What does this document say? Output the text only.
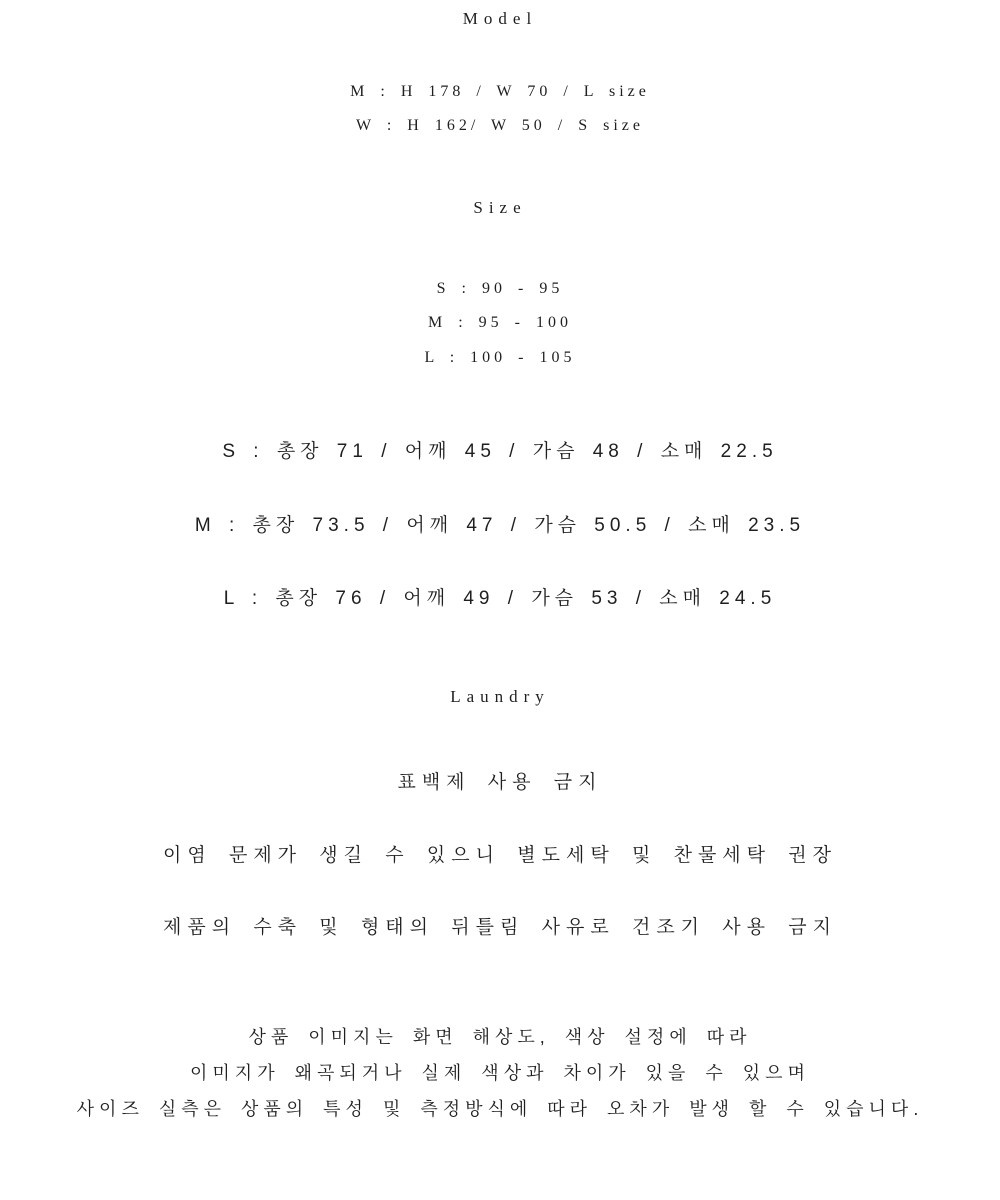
Model
M : H 178 / W 70 / L size
W : H 162/ W 50 / S size
Size
S : 90 - 95
M : 95 - 100
L : 100 - 105
S : 총장 71 / 어깨 45 / 가슴 48 / 소매 22.5
M : 총장 73.5 / 어깨 47 / 가슴 50.5 / 소매 23.5
L : 총장 76 / 어깨 49 / 가슴 53 / 소매 24.5
Laundry
표백제 사용 금지
이염 문제가 생길 수 있으니 별도세탁 및 찬물세탁 권장
제품의 수축 및 형태의 뒤틀림 사유로 건조기 사용 금지
상품 이미지는 화면 해상도, 색상 설정에 따라
이미지가 왜곡되거나 실제 색상과 차이가 있을 수 있으며
사이즈 실측은 상품의 특성 및 측정방식에 따라 오차가 발생 할 수 있습니다.
